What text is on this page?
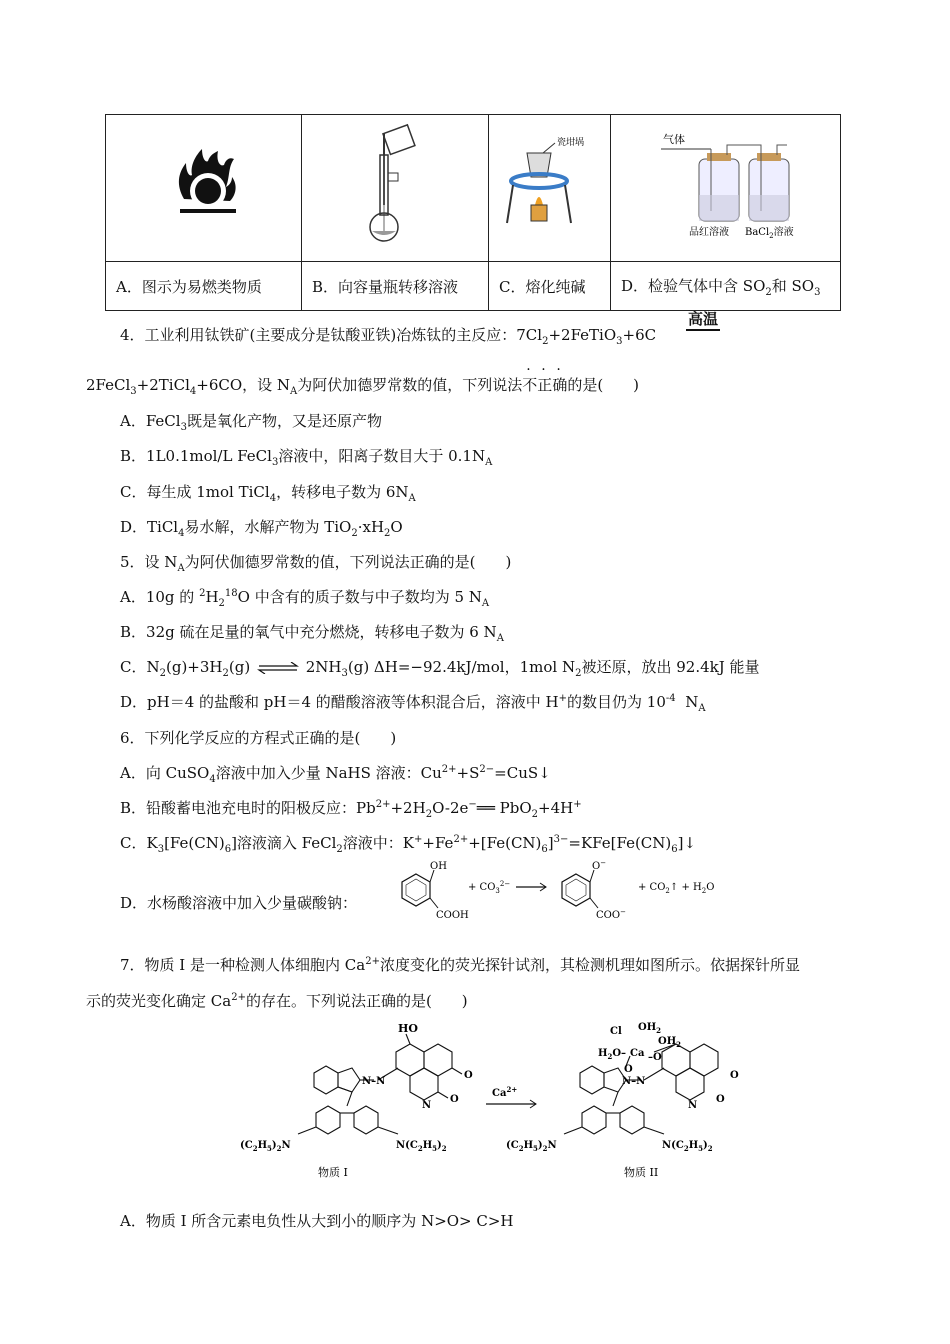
瓷坩埚	气体
品红溶液 BaCl$_2$溶液

A．图示为易燃类物质	B．向容量瓶转移溶液	C．熔化纯碱	D．检验气体中含 $SO_2$和 $SO_3$
4．工业利用钛铁矿(主要成分是钛酸亚铁)冶炼钛的主反应：$7Cl_2+2FeTiO_3+6C$
高温
2FeCl$_3$+2TiCl$_4$+6CO，设 $N_A$为阿伏加德罗常数的值，下列说法不正确的是(　　)
A．FeCl$_3$既是氧化产物，又是还原产物
B．1L0.1mol/L FeCl$_3$溶液中，阳离子数目大于 $0.1N_A$
C．每生成 1mol TiCl$_4$，转移电子数为 $6N_A$
D．TiCl$_4$易水解，水解产物为 $TiO_2\cdot xH_2O$
5．设 $N_A$为阿伏伽德罗常数的值，下列说法正确的是(　　)
A．10g 的 $^2H_2^{18}O$ 中含有的质子数与中子数均为 5 $N_A$
B．32g 硫在足量的氧气中充分燃烧，转移电子数为 6 $N_A$
C．$N_2(g)+3H_2(g)$ ⇌ $2NH_3(g)$ ΔH=−92.4kJ/mol，1mol $N_2$被还原，放出 92.4kJ 能量
D．pH＝4 的盐酸和 pH＝4 的醋酸溶液等体积混合后，溶液中 H+的数目仍为 $10^{-4}$ $N_A$
6．下列化学反应的方程式正确的是(　　)
A．向 CuSO$_4$溶液中加入少量 NaHS 溶液：$Cu^{2+}+S^{2-}=CuS↓$
B．铅酸蓄电池充电时的阳极反应：$Pb^{2+}+2H_2O-2e^-══$ PbO$_2$+4H+
C．$K_3[Fe(CN)_6]$溶液滴入 FeCl$_2$溶液中：$K^++Fe^{2+}+[Fe(CN)_6]^{3-}=KFe[Fe(CN)_6]↓$
D．水杨酸溶液中加入少量碳酸钠：
OH
COOH
+ $CO_3^{2-}$
O−
COO−
+ $CO_2↑ + H_2O$
7．物质 I 是一种检测人体细胞内 $Ca^{2+}$浓度变化的荧光探针试剂，其检测机理如图所示。依据探针所显
示的荧光变化确定 $Ca^{2+}$的存在。下列说法正确的是(　　)
HO
O
O
N
N–N
$(C_2H_5)_2N$	$N(C_2H_5)_2$
物质 I
$Ca^{2+}$
Cl $OH_2$
$OH_2$
$H_2O-$ Ca –O
O
O
O
N
N–N
$(C_2H_5)_2N$	$N(C_2H_5)_2$
物质 II
A．物质 I 所含元素电负性从大到小的顺序为 N>O> C>H
